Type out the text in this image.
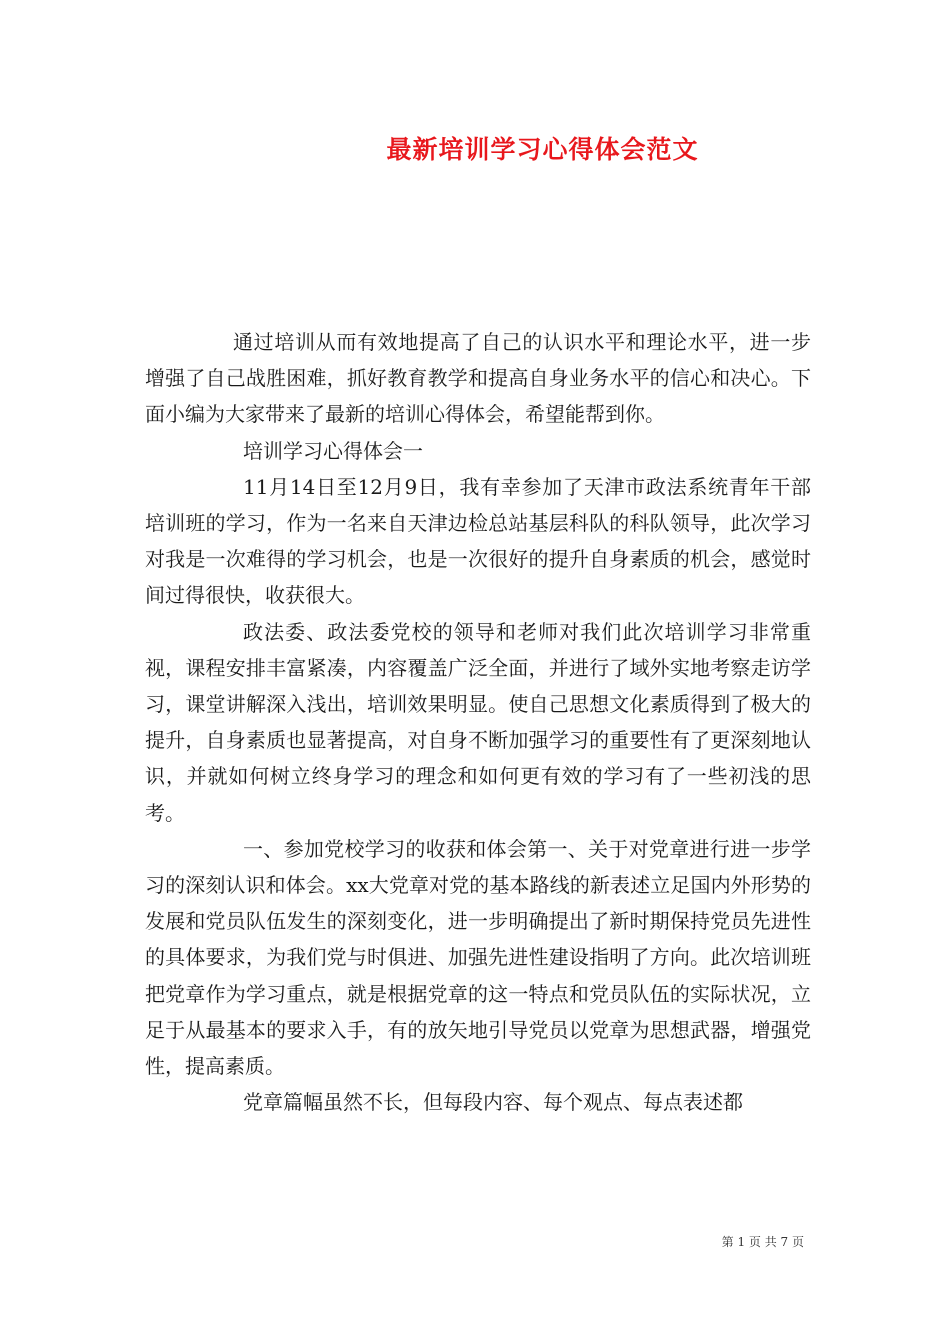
最新培训学习心得体会范文

通过培训从而有效地提高了自己的认识水平和理论水平，进一步增强了自己战胜困难，抓好教育教学和提高自身业务水平的信心和决心。下面小编为大家带来了最新的培训心得体会，希望能帮到你。

培训学习心得体会一

11月14日至12月9日，我有幸参加了天津市政法系统青年干部培训班的学习，作为一名来自天津边检总站基层科队的科队领导，此次学习对我是一次难得的学习机会，也是一次很好的提升自身素质的机会，感觉时间过得很快，收获很大。

政法委、政法委党校的领导和老师对我们此次培训学习非常重视，课程安排丰富紧凑，内容覆盖广泛全面，并进行了域外实地考察走访学习，课堂讲解深入浅出，培训效果明显。使自己思想文化素质得到了极大的提升，自身素质也显著提高，对自身不断加强学习的重要性有了更深刻地认识，并就如何树立终身学习的理念和如何更有效的学习有了一些初浅的思考。

一、参加党校学习的收获和体会第一、关于对党章进行进一步学习的深刻认识和体会。xx大党章对党的基本路线的新表述立足国内外形势的发展和党员队伍发生的深刻变化，进一步明确提出了新时期保持党员先进性的具体要求，为我们党与时俱进、加强先进性建设指明了方向。此次培训班把党章作为学习重点，就是根据党章的这一特点和党员队伍的实际状况，立足于从最基本的要求入手，有的放矢地引导党员以党章为思想武器，增强党性，提高素质。

党章篇幅虽然不长，但每段内容、每个观点、每点表述都

第 1 页 共 7 页
